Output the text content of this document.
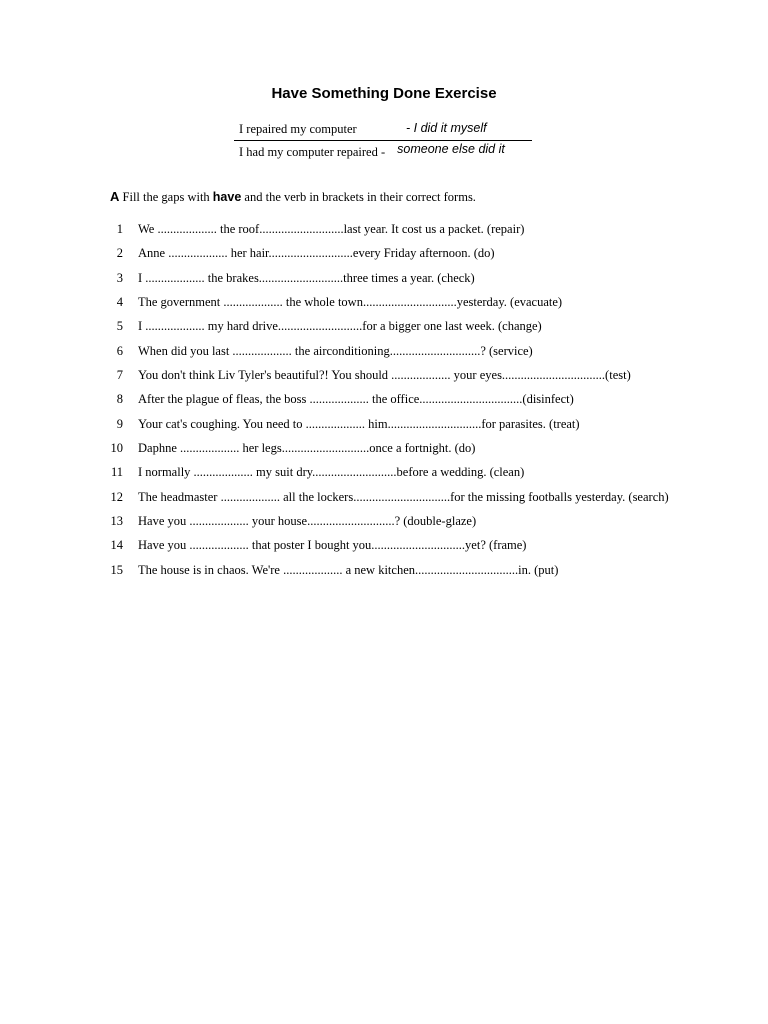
Have Something Done Exercise
I repaired my computer	- I did it myself
I had my computer repaired - someone else did it
A Fill the gaps with have and the verb in brackets in their correct forms.
1 We ................... the roof...........................last year. It cost us a packet. (repair)
2 Anne ................... her hair...........................every Friday afternoon. (do)
3 I ................... the brakes...........................three times a year. (check)
4 The government ................... the whole town..............................yesterday. (evacuate)
5 I ................... my hard drive...........................for a bigger one last week. (change)
6 When did you last ................... the airconditioning.............................? (service)
7 You don't think Liv Tyler's beautiful?! You should ................... your eyes.................................(test)
8 After the plague of fleas, the boss ................... the office.................................(disinfect)
9 Your cat's coughing. You need to ................... him..............................for parasites. (treat)
10 Daphne ................... her legs............................once a fortnight. (do)
11 I normally ................... my suit dry...........................before a wedding. (clean)
12 The headmaster ................... all the lockers...............................for the missing footballs yesterday. (search)
13 Have you ................... your house............................? (double-glaze)
14 Have you ................... that poster I bought you..............................yet? (frame)
15 The house is in chaos. We're ................... a new kitchen.................................in. (put)
